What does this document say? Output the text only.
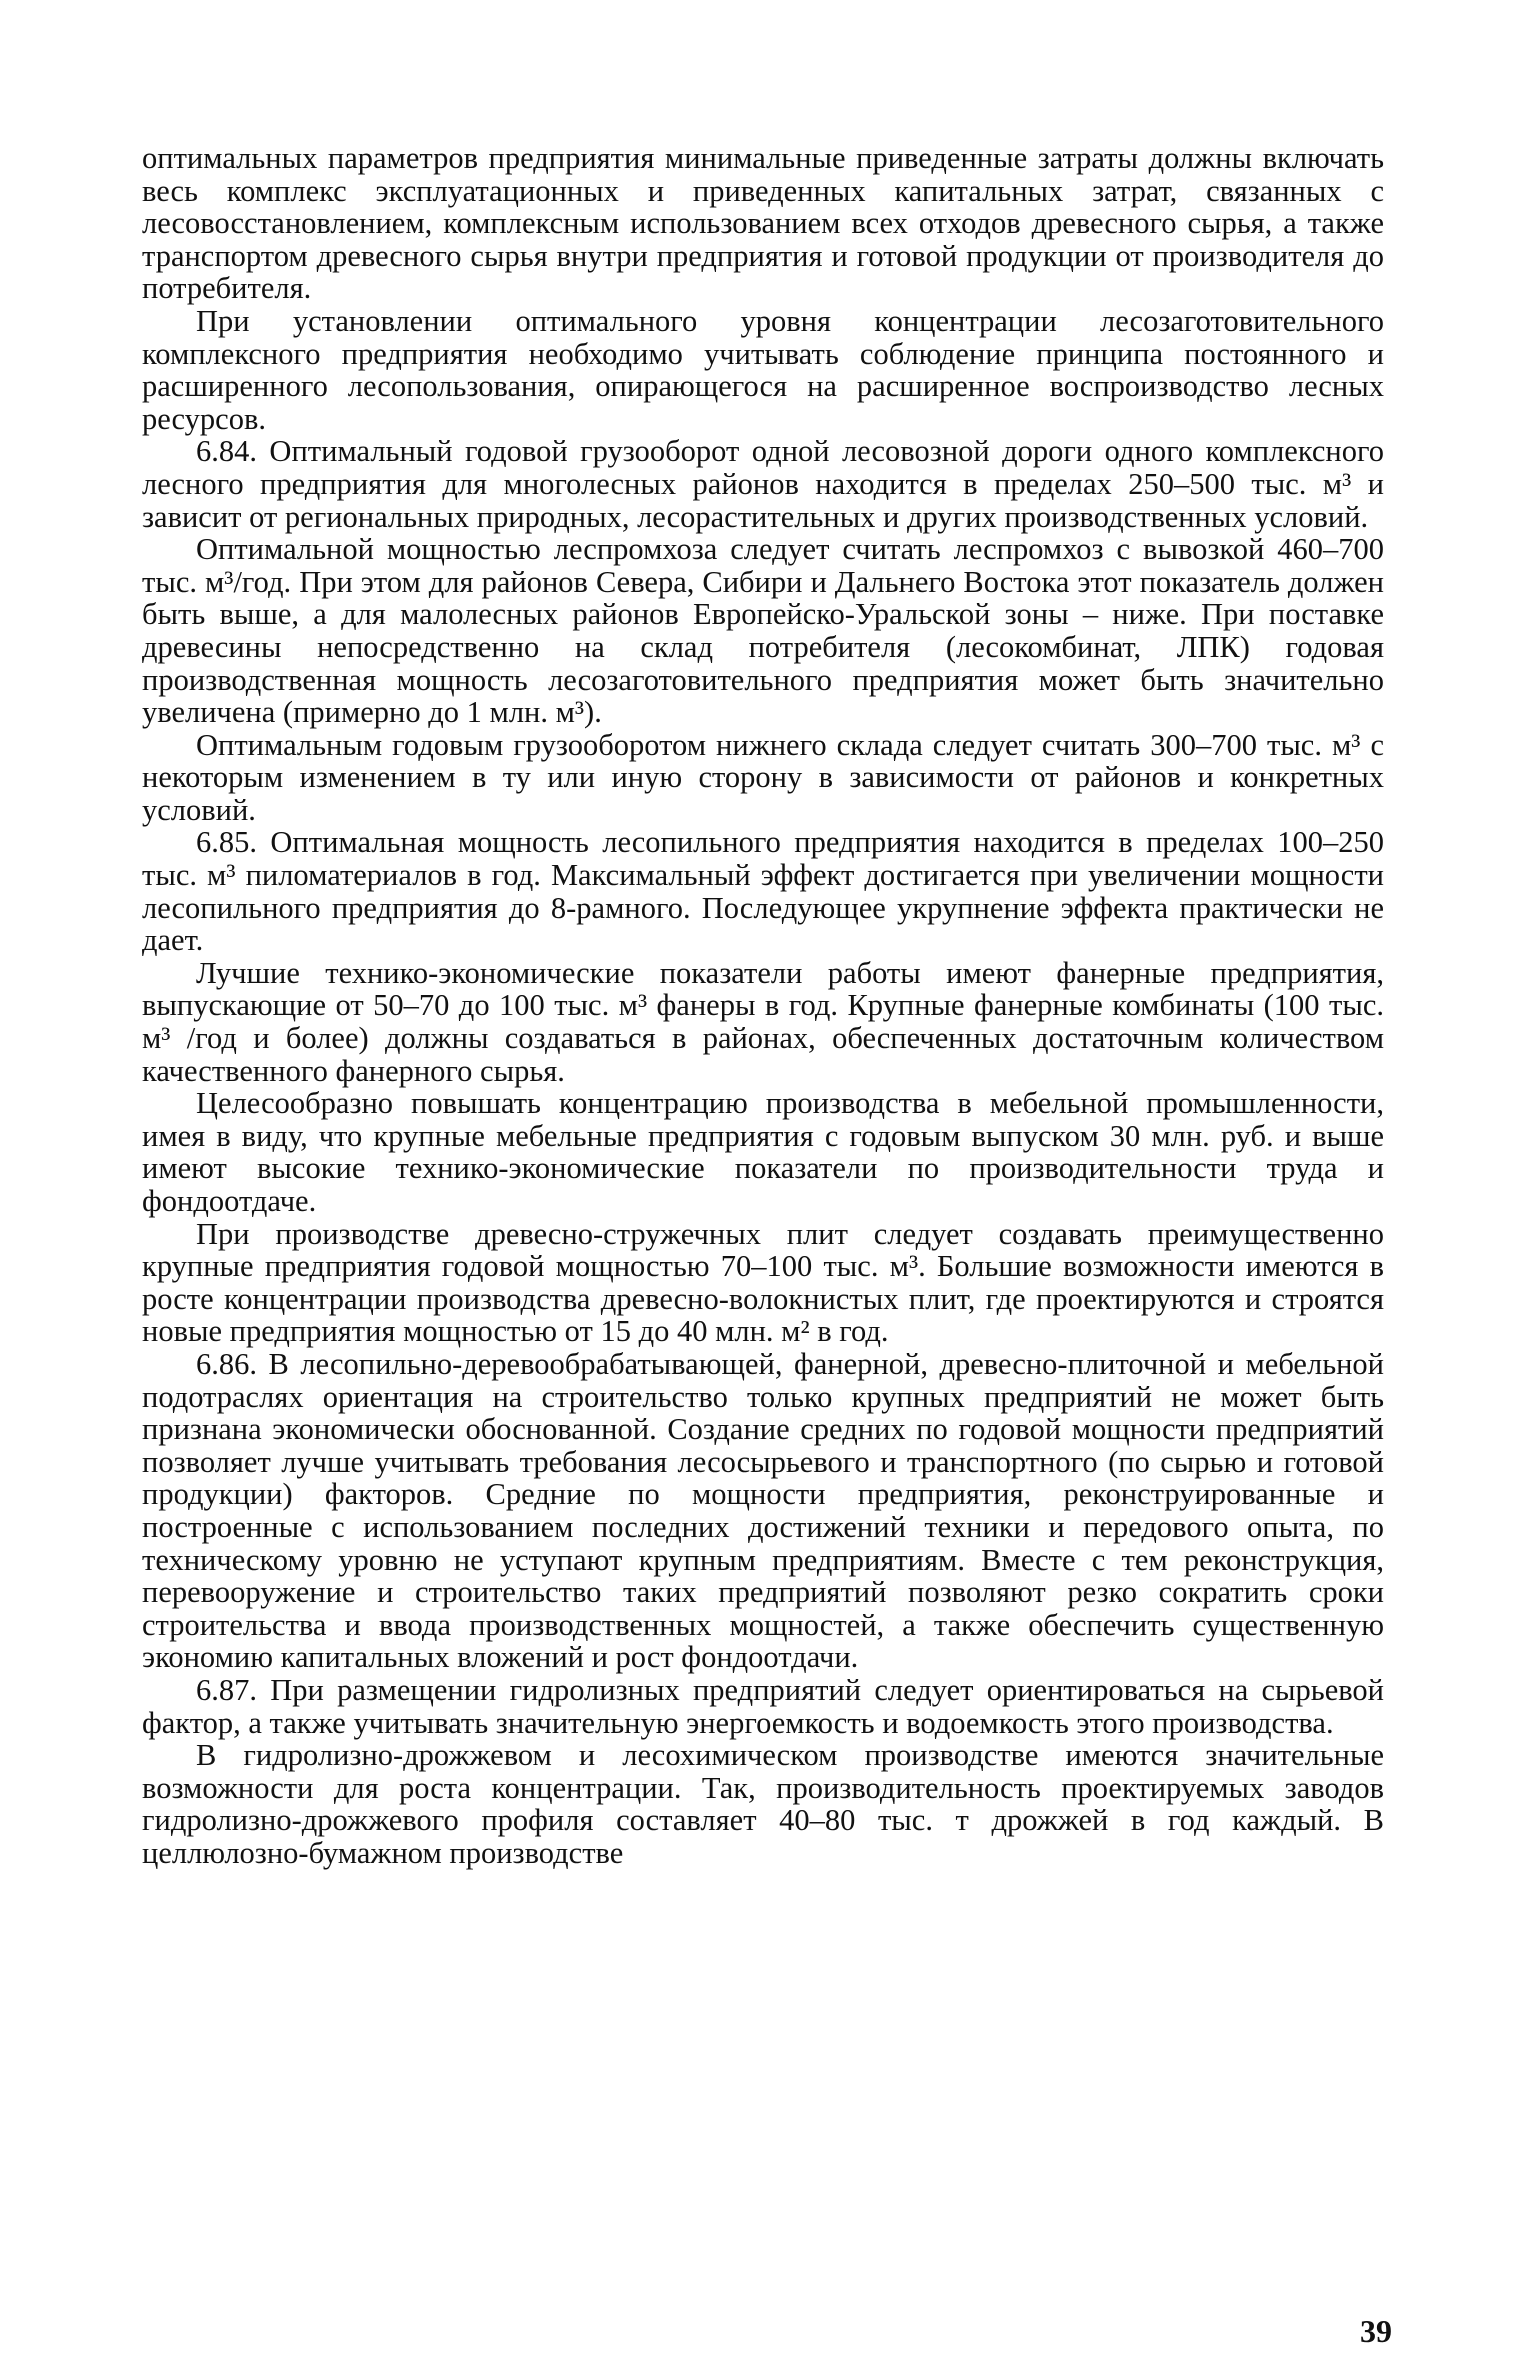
оптимальных параметров предприятия минимальные приведенные затраты должны включать весь комплекс эксплуатационных и приведенных капитальных затрат, связанных с лесовосстановлением, комплексным использованием всех отходов древесного сырья, а также транспортом древесного сырья внутри предприятия и готовой продукции от производителя до потребителя.

При установлении оптимального уровня концентрации лесозаготовительного комплексного предприятия необходимо учитывать соблюдение принципа постоянного и расширенного лесопользования, опирающегося на расширенное воспроизводство лесных ресурсов.

6.84. Оптимальный годовой грузооборот одной лесовозной дороги одного комплексного лесного предприятия для многолесных районов находится в пределах 250–500 тыс. м³ и зависит от региональных природных, лесорастительных и других производственных условий.

Оптимальной мощностью леспромхоза следует считать леспромхоз с вывозкой 460–700 тыс. м³/год. При этом для районов Севера, Сибири и Дальнего Востока этот показатель должен быть выше, а для малолесных районов Европейско-Уральской зоны – ниже. При поставке древесины непосредственно на склад потребителя (лесокомбинат, ЛПК) годовая производственная мощность лесозаготовительного предприятия может быть значительно увеличена (примерно до 1 млн. м³).

Оптимальным годовым грузооборотом нижнего склада следует считать 300–700 тыс. м³ с некоторым изменением в ту или иную сторону в зависимости от районов и конкретных условий.

6.85. Оптимальная мощность лесопильного предприятия находится в пределах 100–250 тыс. м³ пиломатериалов в год. Максимальный эффект достигается при увеличении мощности лесопильного предприятия до 8-рамного. Последующее укрупнение эффекта практически не дает.

Лучшие технико-экономические показатели работы имеют фанерные предприятия, выпускающие от 50–70 до 100 тыс. м³ фанеры в год. Крупные фанерные комбинаты (100 тыс. м³ /год и более) должны создаваться в районах, обеспеченных достаточным количеством качественного фанерного сырья.

Целесообразно повышать концентрацию производства в мебельной промышленности, имея в виду, что крупные мебельные предприятия с годовым выпуском 30 млн. руб. и выше имеют высокие технико-экономические показатели по производительности труда и фондоотдаче.

При производстве древесно-стружечных плит следует создавать преимущественно крупные предприятия годовой мощностью 70–100 тыс. м³. Большие возможности имеются в росте концентрации производства древесно-волокнистых плит, где проектируются и строятся новые предприятия мощностью от 15 до 40 млн. м² в год.

6.86. В лесопильно-деревообрабатывающей, фанерной, древесно-плиточной и мебельной подотраслях ориентация на строительство только крупных предприятий не может быть признана экономически обоснованной. Создание средних по годовой мощности предприятий позволяет лучше учитывать требования лесосырьевого и транспортного (по сырью и готовой продукции) факторов. Средние по мощности предприятия, реконструированные и построенные с использованием последних достижений техники и передового опыта, по техническому уровню не уступают крупным предприятиям. Вместе с тем реконструкция, перевооружение и строительство таких предприятий позволяют резко сократить сроки строительства и ввода производственных мощностей, а также обеспечить существенную экономию капитальных вложений и рост фондоотдачи.

6.87. При размещении гидролизных предприятий следует ориентироваться на сырьевой фактор, а также учитывать значительную энергоемкость и водоемкость этого производства.

В гидролизно-дрожжевом и лесохимическом производстве имеются значительные возможности для роста концентрации. Так, производительность проектируемых заводов гидролизно-дрожжевого профиля составляет 40–80 тыс. т дрожжей в год каждый. В целлюлозно-бумажном производстве

39
